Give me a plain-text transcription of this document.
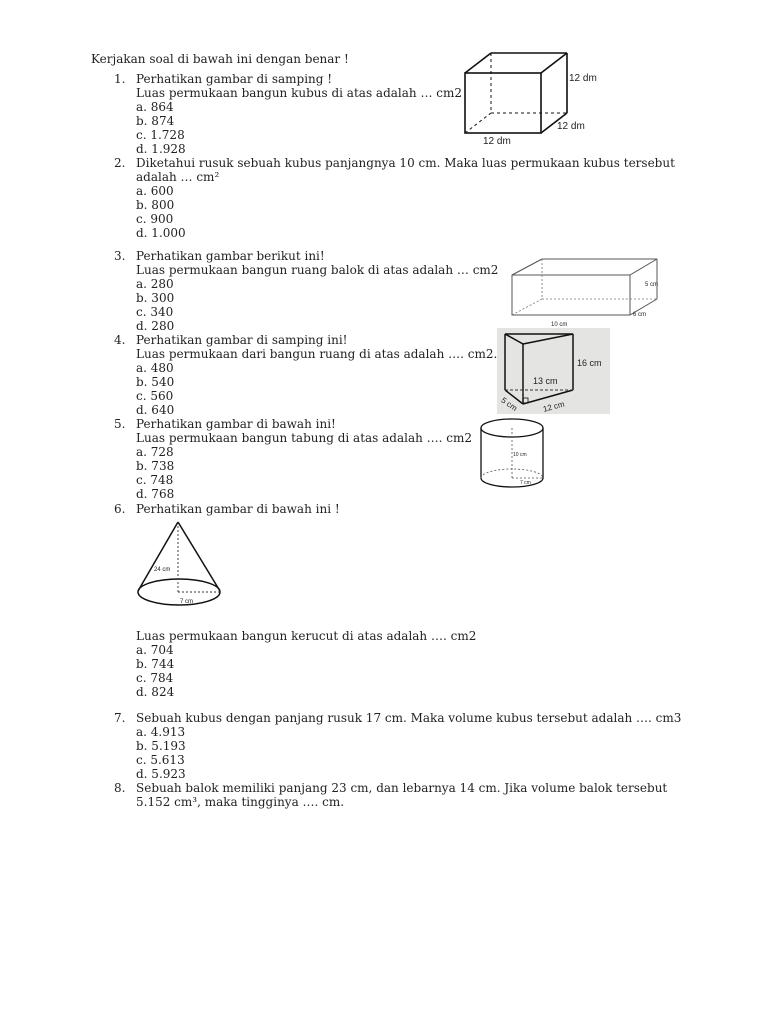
Kerjakan soal di bawah ini dengan benar !
1. Perhatikan gambar di samping !
Luas permukaan bangun kubus di atas adalah … cm2
a. 864
b. 874
c. 1.728
d. 1.928
12 dm
12 dm
12 dm
2. Diketahui rusuk sebuah kubus panjangnya 10 cm. Maka luas permukaan kubus tersebut
adalah … cm²
a. 600
b. 800
c. 900
d. 1.000
3. Perhatikan gambar berikut ini!
Luas permukaan bangun ruang balok di atas adalah … cm2
a. 280
b. 300
c. 340
d. 280
5 cm
6 cm
10 cm
4. Perhatikan gambar di samping ini!
Luas permukaan dari bangun ruang di atas adalah …. cm2.
a. 480
b. 540
c. 560
d. 640
16 cm
13 cm
5 cm	12 cm
5. Perhatikan gambar di bawah ini!
Luas permukaan bangun tabung di atas adalah …. cm2
a. 728
b. 738
c. 748
d. 768
10 cm
7 cm
6. Perhatikan gambar di bawah ini !
Luas permukaan bangun kerucut di atas adalah …. cm2
a. 704
b. 744
c. 784
d. 824
24 cm
7 cm
7. Sebuah kubus dengan panjang rusuk 17 cm. Maka volume kubus tersebut adalah …. cm3
a. 4.913
b. 5.193
c. 5.613
d. 5.923
8. Sebuah balok memiliki panjang 23 cm, dan lebarnya 14 cm. Jika volume balok tersebut
5.152 cm³, maka tingginya …. cm.
